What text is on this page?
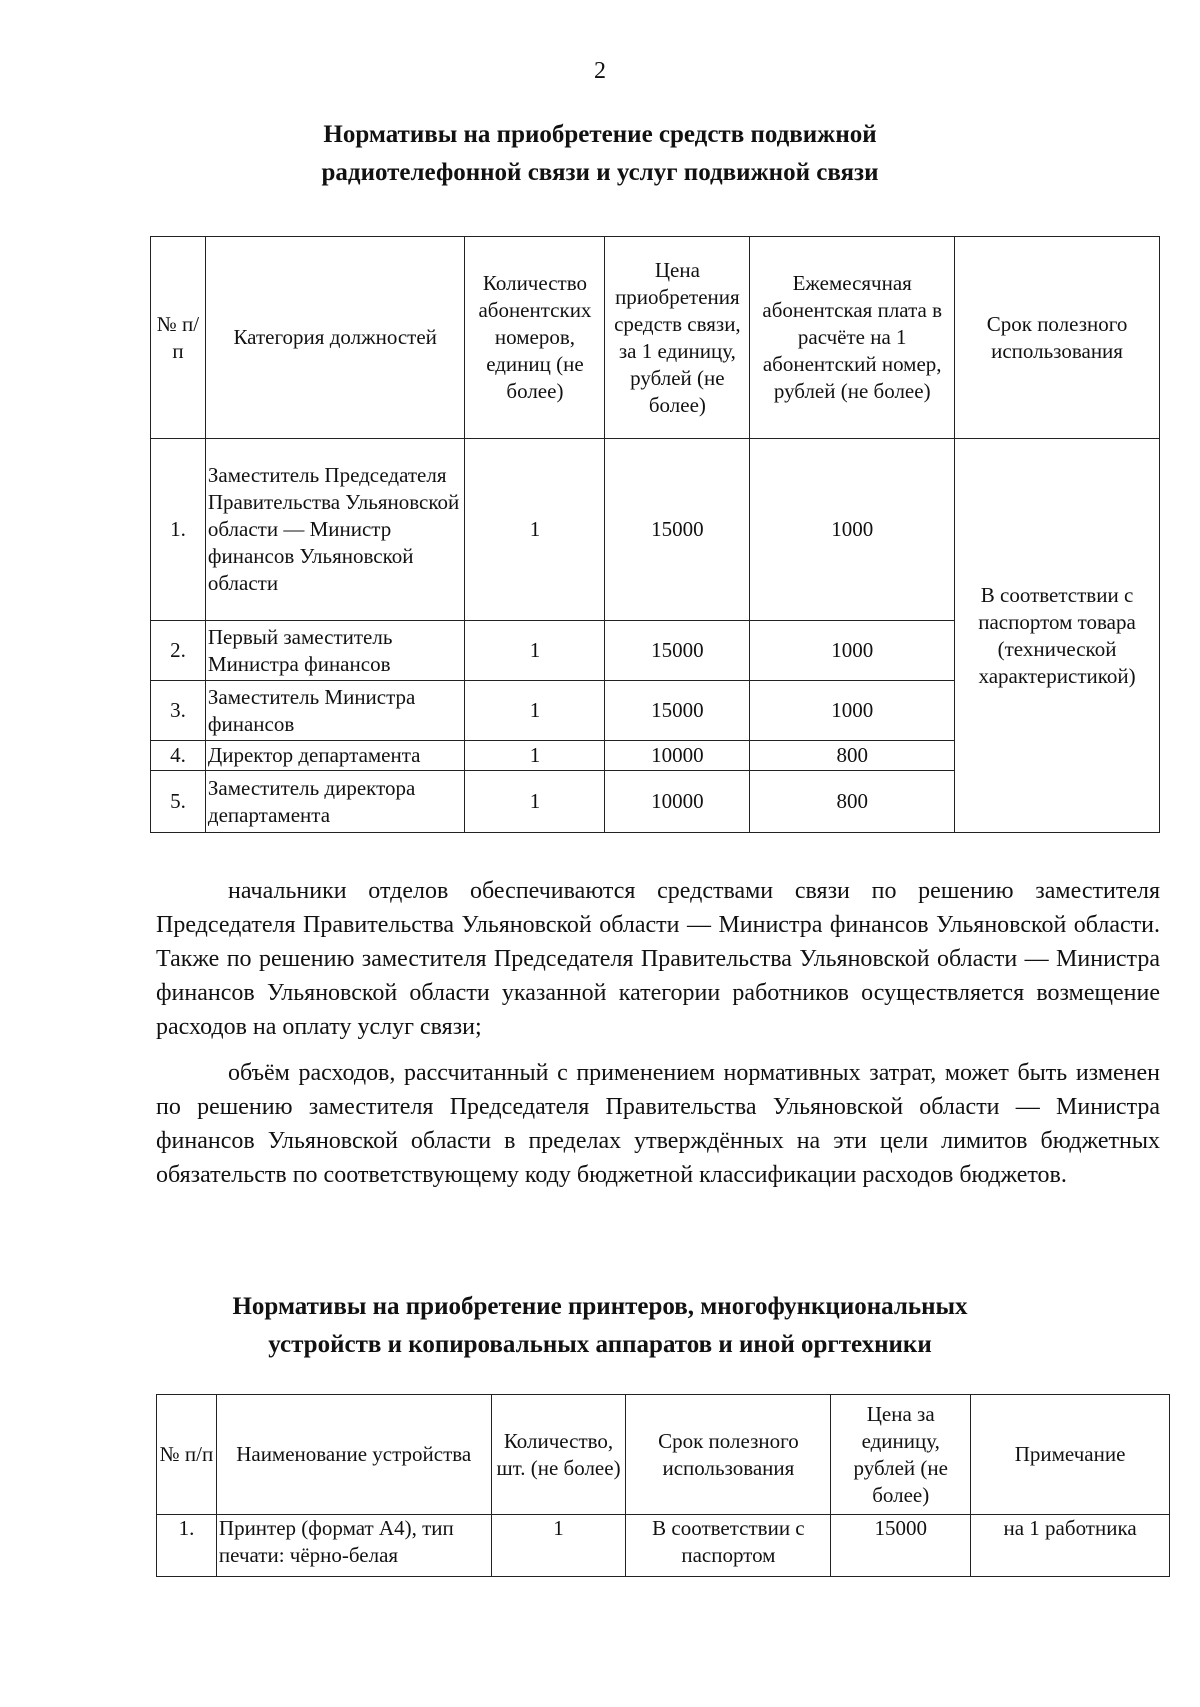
2
Нормативы на приобретение средств подвижной
радиотелефонной связи и услуг подвижной связи
№ п/п	Категория должностей	Количество абонентских номеров, единиц (не более)	Цена приобретения средств связи, за 1 единицу, рублей (не более)	Ежемесячная абонентская плата в расчёте на 1 абонентский номер, рублей (не более)	Срок полезного использования
1.	Заместитель Председателя Правительства Ульяновской области — Министр финансов Ульяновской области	1	15000	1000	В соответствии с паспортом товара (технической характеристикой)
2.	Первый заместитель Министра финансов	1	15000	1000	
3.	Заместитель Министра финансов	1	15000	1000	
4.	Директор департамента	1	10000	800	
5.	Заместитель директора департамента	1	10000	800	

начальники отделов обеспечиваются средствами связи по решению заместителя Председателя Правительства Ульяновской области — Министра финансов Ульяновской области. Также по решению заместителя Председателя Правительства Ульяновской области — Министра финансов Ульяновской области указанной категории работников осуществляется возмещение расходов на оплату услуг связи;

объём расходов, рассчитанный с применением нормативных затрат, может быть изменен по решению заместителя Председателя Правительства Ульяновской области — Министра финансов Ульяновской области в пределах утверждённых на эти цели лимитов бюджетных обязательств по соответствующему коду бюджетной классификации расходов бюджетов.

Нормативы на приобретение принтеров, многофункциональных
устройств и копировальных аппаратов и иной оргтехники
№ п/п	Наименование устройства	Количество, шт. (не более)	Срок полезного использования	Цена за единицу, рублей (не более)	Примечание
1.	Принтер (формат А4), тип печати: чёрно-белая	1	В соответствии с паспортом	15000	на 1 работника
